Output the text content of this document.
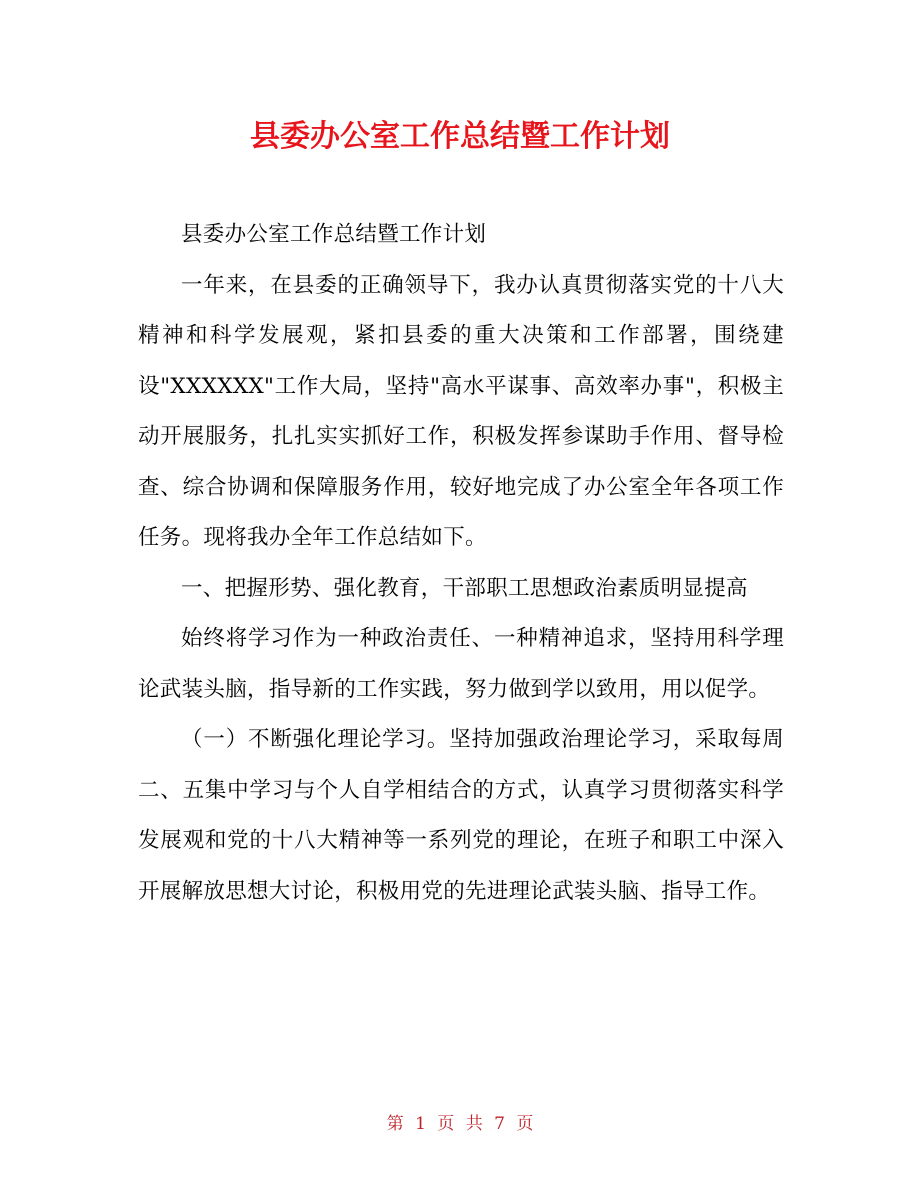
县委办公室工作总结暨工作计划

县委办公室工作总结暨工作计划

一年来，在县委的正确领导下，我办认真贯彻落实党的十八大精神和科学发展观，紧扣县委的重大决策和工作部署，围绕建设"XXXXXX"工作大局，坚持"高水平谋事、高效率办事"，积极主动开展服务，扎扎实实抓好工作，积极发挥参谋助手作用、督导检查、综合协调和保障服务作用，较好地完成了办公室全年各项工作任务。现将我办全年工作总结如下。

一、把握形势、强化教育，干部职工思想政治素质明显提高

始终将学习作为一种政治责任、一种精神追求，坚持用科学理论武装头脑，指导新的工作实践，努力做到学以致用，用以促学。

（一）不断强化理论学习。坚持加强政治理论学习，采取每周二、五集中学习与个人自学相结合的方式，认真学习贯彻落实科学发展观和党的十八大精神等一系列党的理论，在班子和职工中深入开展解放思想大讨论，积极用党的先进理论武装头脑、指导工作。

第 1 页 共 7 页
